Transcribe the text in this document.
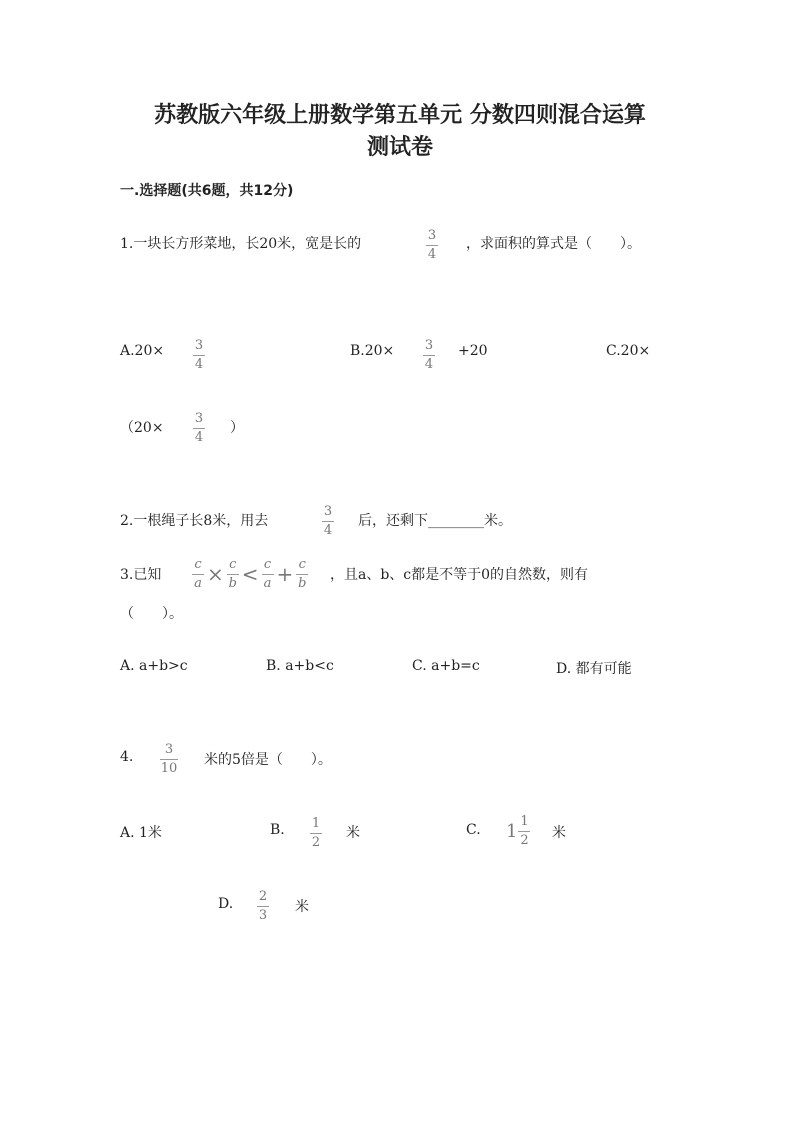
苏教版六年级上册数学第五单元 分数四则混合运算
测试卷
一.选择题(共6题，共12分)
1.一块长方形菜地，长20米，宽是长的
3
4
，求面积的算式是（　　）。
A.20× 3
4
B.20× 3
4
+20	C.20×
（20×
3
4
）
2.一根绳子长8米，用去
3
4
后，还剩下________米。
3.已知 $\frac{c}{a} \times \frac{c}{b} < \frac{c}{a} + \frac{c}{b}$ ，且a、b、c都是不等于0的自然数，则有
（　　）。
A. a+b>c	B. a+b<c	C. a+b=c	D. 都有可能
4. 3
10
米的5倍是（　　）。
A. 1米	B. 1
2
米	C. $1 \frac{1}{2}$ 米
D. 2
3
米
